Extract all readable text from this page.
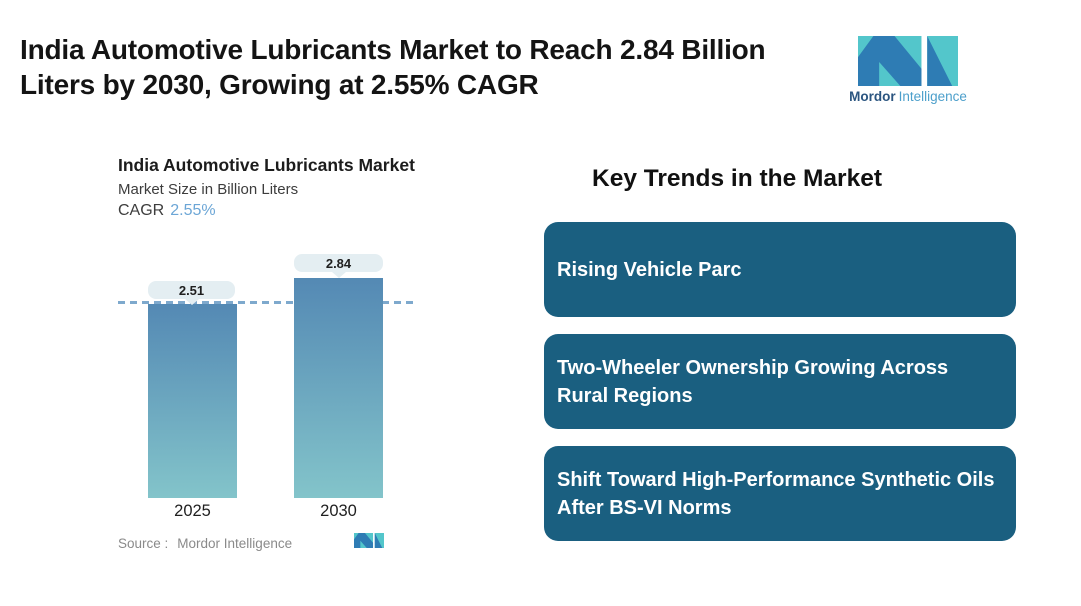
India Automotive Lubricants Market to Reach 2.84 Billion
Liters by 2030, Growing at 2.55% CAGR	Mordor Intelligence
India Automotive Lubricants Market
Market Size in Billion Liters
CAGR 2.55%
2.51
2.84
2025	2030
Source : Mordor Intelligence
Key Trends in the Market
Rising Vehicle Parc
Two-Wheeler Ownership Growing Across Rural Regions
Shift Toward High-Performance Synthetic Oils After BS-VI Norms
